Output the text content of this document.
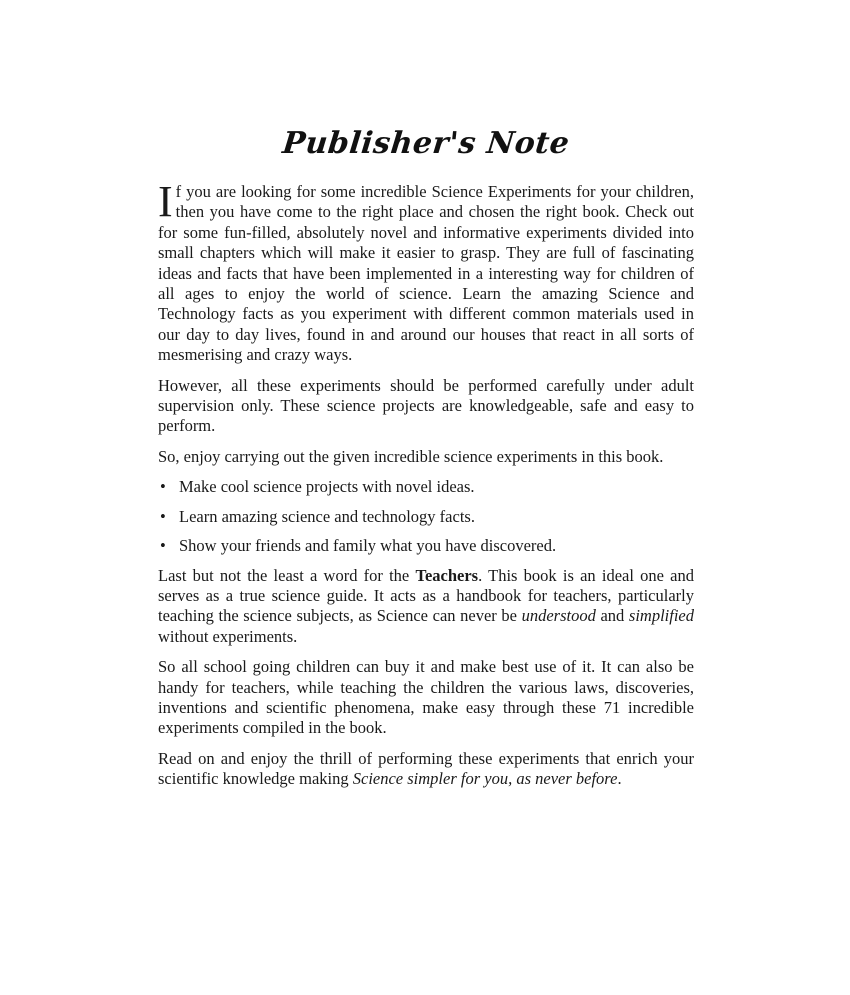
Publisher's Note

If you are looking for some incredible Science Experiments for your children, then you have come to the right place and chosen the right book. Check out for some fun-filled, absolutely novel and informative experiments divided into small chapters which will make it easier to grasp. They are full of fascinating ideas and facts that have been implemented in a interesting way for children of all ages to enjoy the world of science. Learn the amazing Science and Technology facts as you experiment with different common materials used in our day to day lives, found in and around our houses that react in all sorts of mesmerising and crazy ways.

However, all these experiments should be performed carefully under adult supervision only. These science projects are knowledgeable, safe and easy to perform.

So, enjoy carrying out the given incredible science experiments in this book.

• Make cool science projects with novel ideas.
• Learn amazing science and technology facts.
• Show your friends and family what you have discovered.

Last but not the least a word for the Teachers. This book is an ideal one and serves as a true science guide. It acts as a handbook for teachers, particularly teaching the science subjects, as Science can never be understood and simplified without experiments.

So all school going children can buy it and make best use of it. It can also be handy for teachers, while teaching the children the various laws, discoveries, inventions and scientific phenomena, make easy through these 71 incredible experiments compiled in the book.

Read on and enjoy the thrill of performing these experiments that enrich your scientific knowledge making Science simpler for you, as never before.
